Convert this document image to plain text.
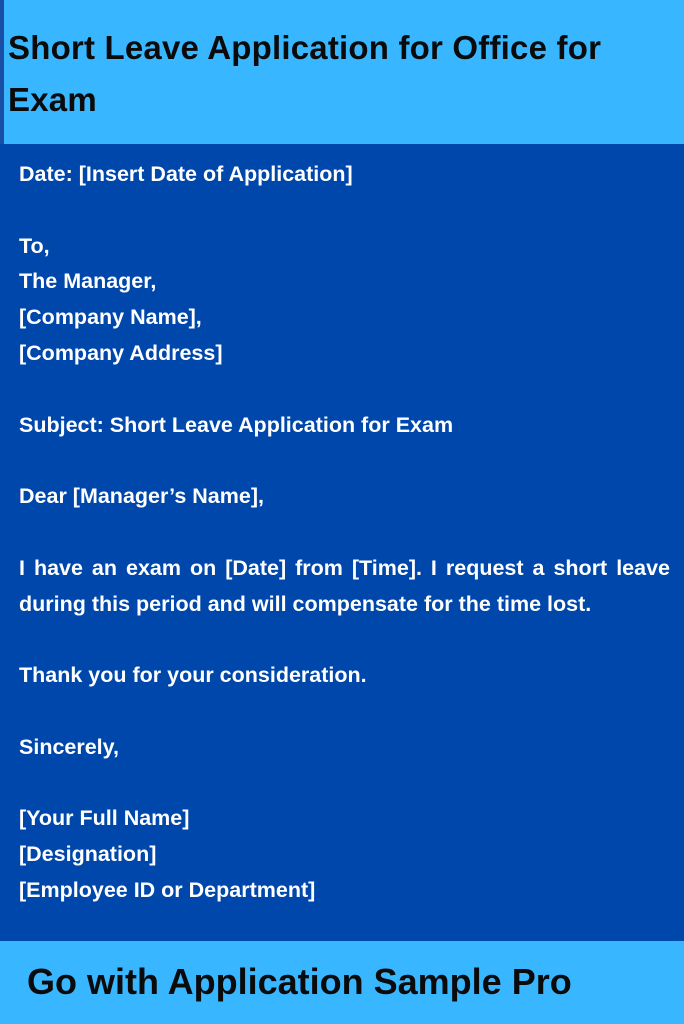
Short Leave Application for Office for Exam
Date: [Insert Date of Application]
To,
The Manager,
[Company Name],
[Company Address]
Subject: Short Leave Application for Exam
Dear [Manager’s Name],
I have an exam on [Date] from [Time]. I request a short leave during this period and will compensate for the time lost.
Thank you for your consideration.
Sincerely,
[Your Full Name]
[Designation]
[Employee ID or Department]

Go with Application Sample Pro
